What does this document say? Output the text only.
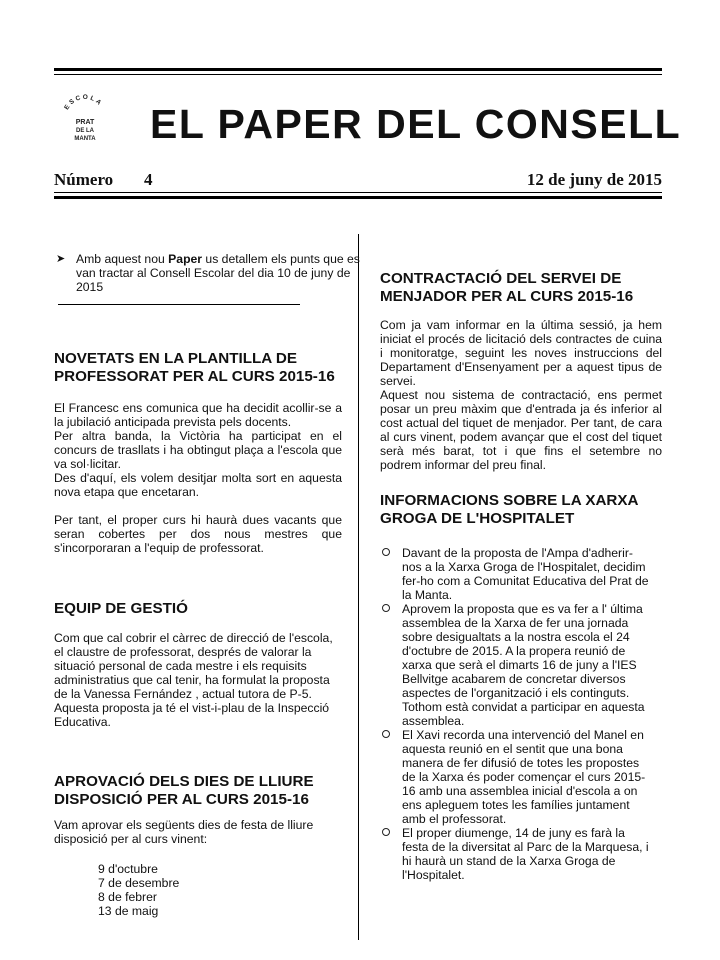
ESCOLA
PRAT
DE LA
MANTA EL PAPER DEL CONSELL
Número 4	12 de juny de 2015
➤ Amb aquest nou Paper us detallem els punts que es van tractar al Consell Escolar del dia 10 de juny de 2015
NOVETATS EN LA PLANTILLA DE PROFESSORAT PER AL CURS 2015-16

El Francesc ens comunica que ha decidit acollir-se a la jubilació anticipada prevista pels docents.

Per altra banda, la Victòria ha participat en el concurs de trasllats i ha obtingut plaça a l'escola que va sol·licitar.

Des d'aquí, els volem desitjar molta sort en aquesta nova etapa que encetaran.

Per tant, el proper curs hi haurà dues vacants que seran cobertes per dos nous mestres que s'incorporaran a l'equip de professorat.

EQUIP DE GESTIÓ

Com que cal cobrir el càrrec de direcció de l'escola, el claustre de professorat, després de valorar la situació personal de cada mestre i els requisits administratius que cal tenir, ha formulat la proposta de la Vanessa Fernández , actual tutora de P-5. Aquesta proposta ja té el vist-i-plau de la Inspecció Educativa.

APROVACIÓ DELS DIES DE LLIURE DISPOSICIÓ PER AL CURS 2015-16

Vam aprovar els següents dies de festa de lliure disposició per al curs vinent:

9 d'octubre
7 de desembre
8 de febrer
13 de maig
CONTRACTACIÓ DEL SERVEI DE MENJADOR PER AL CURS 2015-16

Com ja vam informar en la última sessió, ja hem iniciat el procés de licitació dels contractes de cuina i monitoratge, seguint les noves instruccions del Departament d'Ensenyament per a aquest tipus de servei.

Aquest nou sistema de contractació, ens permet posar un preu màxim que d'entrada ja és inferior al cost actual del tiquet de menjador. Per tant, de cara al curs vinent, podem avançar que el cost del tiquet serà més barat, tot i que fins el setembre no podrem informar del preu final.

INFORMACIONS SOBRE LA XARXA GROGA DE L'HOSPITALET
Davant de la proposta de l'Ampa d'adherir-nos a la Xarxa Groga de l'Hospitalet, decidim fer-ho com a Comunitat Educativa del Prat de la Manta.
Aprovem la proposta que es va fer a l' última assemblea de la Xarxa de fer una jornada sobre desigualtats a la nostra escola el 24 d'octubre de 2015. A la propera reunió de xarxa que serà el dimarts 16 de juny a l'IES Bellvitge acabarem de concretar diversos aspectes de l'organització i els continguts. Tothom està convidat a participar en aquesta assemblea.
El Xavi recorda una intervenció del Manel en aquesta reunió en el sentit que una bona manera de fer difusió de totes les propostes de la Xarxa és poder començar el curs 2015-16 amb una assemblea inicial d'escola a on ens apleguem totes les famílies juntament amb el professorat.
El proper diumenge, 14 de juny es farà la festa de la diversitat al Parc de la Marquesa, i hi haurà un stand de la Xarxa Groga de l'Hospitalet.
